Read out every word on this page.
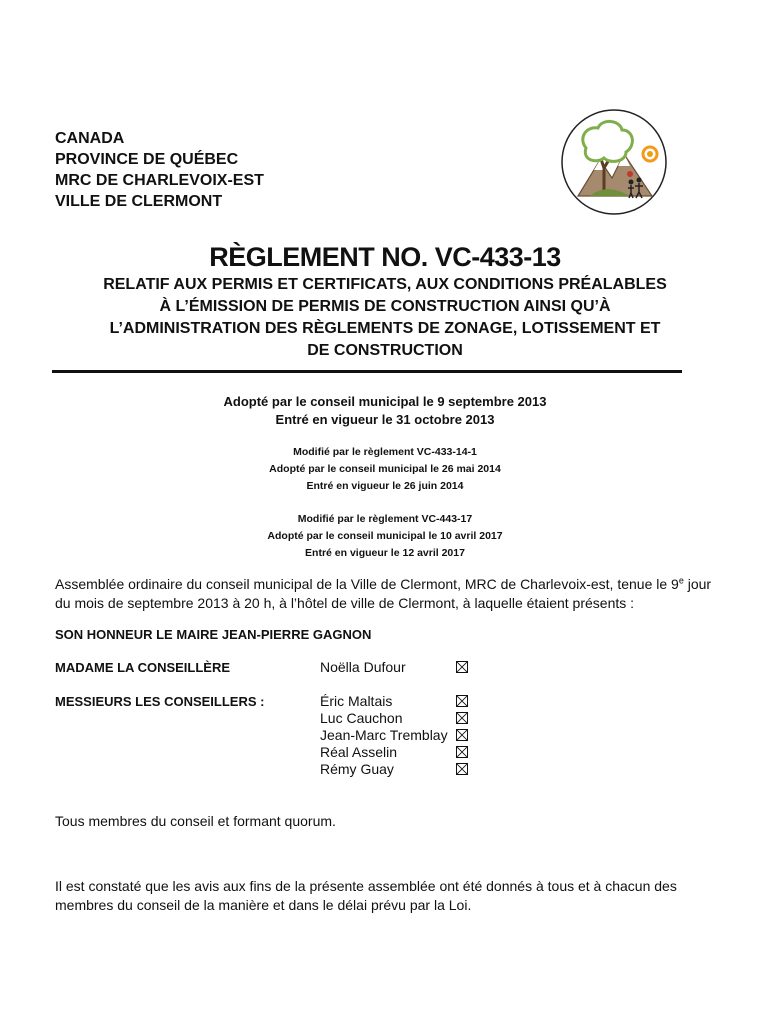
CANADA
PROVINCE DE QUÉBEC
MRC DE CHARLEVOIX-EST
VILLE DE CLERMONT
RÈGLEMENT NO. VC-433-13
RELATIF AUX PERMIS ET CERTIFICATS, AUX CONDITIONS PRÉALABLES
À L’ÉMISSION DE PERMIS DE CONSTRUCTION AINSI QU’À
L’ADMINISTRATION DES RÈGLEMENTS DE ZONAGE, LOTISSEMENT ET
DE CONSTRUCTION
Adopté par le conseil municipal le 9 septembre 2013
Entré en vigueur le 31 octobre 2013
Modifié par le règlement VC-433-14-1
Adopté par le conseil municipal le 26 mai 2014
Entré en vigueur le 26 juin 2014
Modifié par le règlement VC-443-17
Adopté par le conseil municipal le 10 avril 2017
Entré en vigueur le 12 avril 2017
Assemblée ordinaire du conseil municipal de la Ville de Clermont, MRC de Charlevoix-est, tenue le 9e jour du mois de septembre 2013 à 20 h, à l’hôtel de ville de Clermont, à laquelle étaient présents :
SON HONNEUR LE MAIRE JEAN-PIERRE GAGNON
MADAME LA CONSEILLÈRE	Noëlla Dufour
MESSIEURS LES CONSEILLERS :	Éric Maltais
Luc Cauchon
Jean-Marc Tremblay
Réal Asselin
Rémy Guay
Tous membres du conseil et formant quorum.
Il est constaté que les avis aux fins de la présente assemblée ont été donnés à tous et à chacun des membres du conseil de la manière et dans le délai prévu par la Loi.
